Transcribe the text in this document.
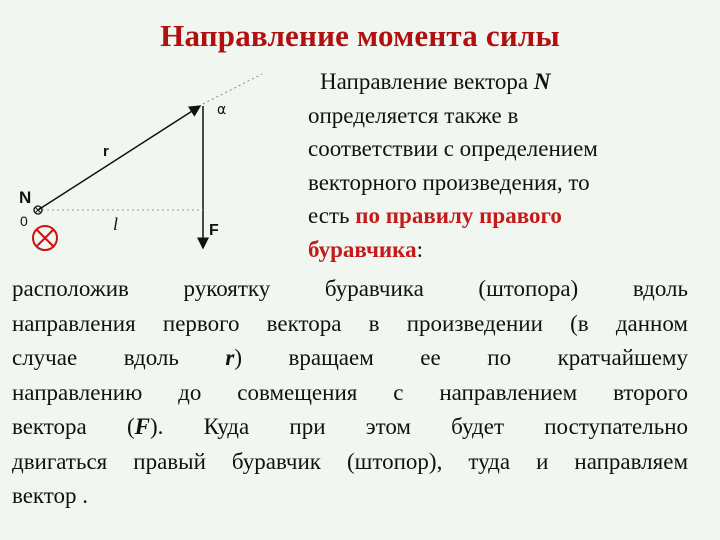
Направление момента силы
α
r
N
0	l	F
Направление вектора N
определяется также в
соответствии с определением
векторного произведения, то
есть по правилу правого
буравчика:
расположив рукоятку буравчика (штопора) вдоль
направления первого вектора в произведении (в данном
случае вдоль r) вращаем ее по кратчайшему
направлению до совмещения с направлением второго
вектора (F). Куда при этом будет поступательно
двигаться правый буравчик (штопор), туда и направляем
вектор .
